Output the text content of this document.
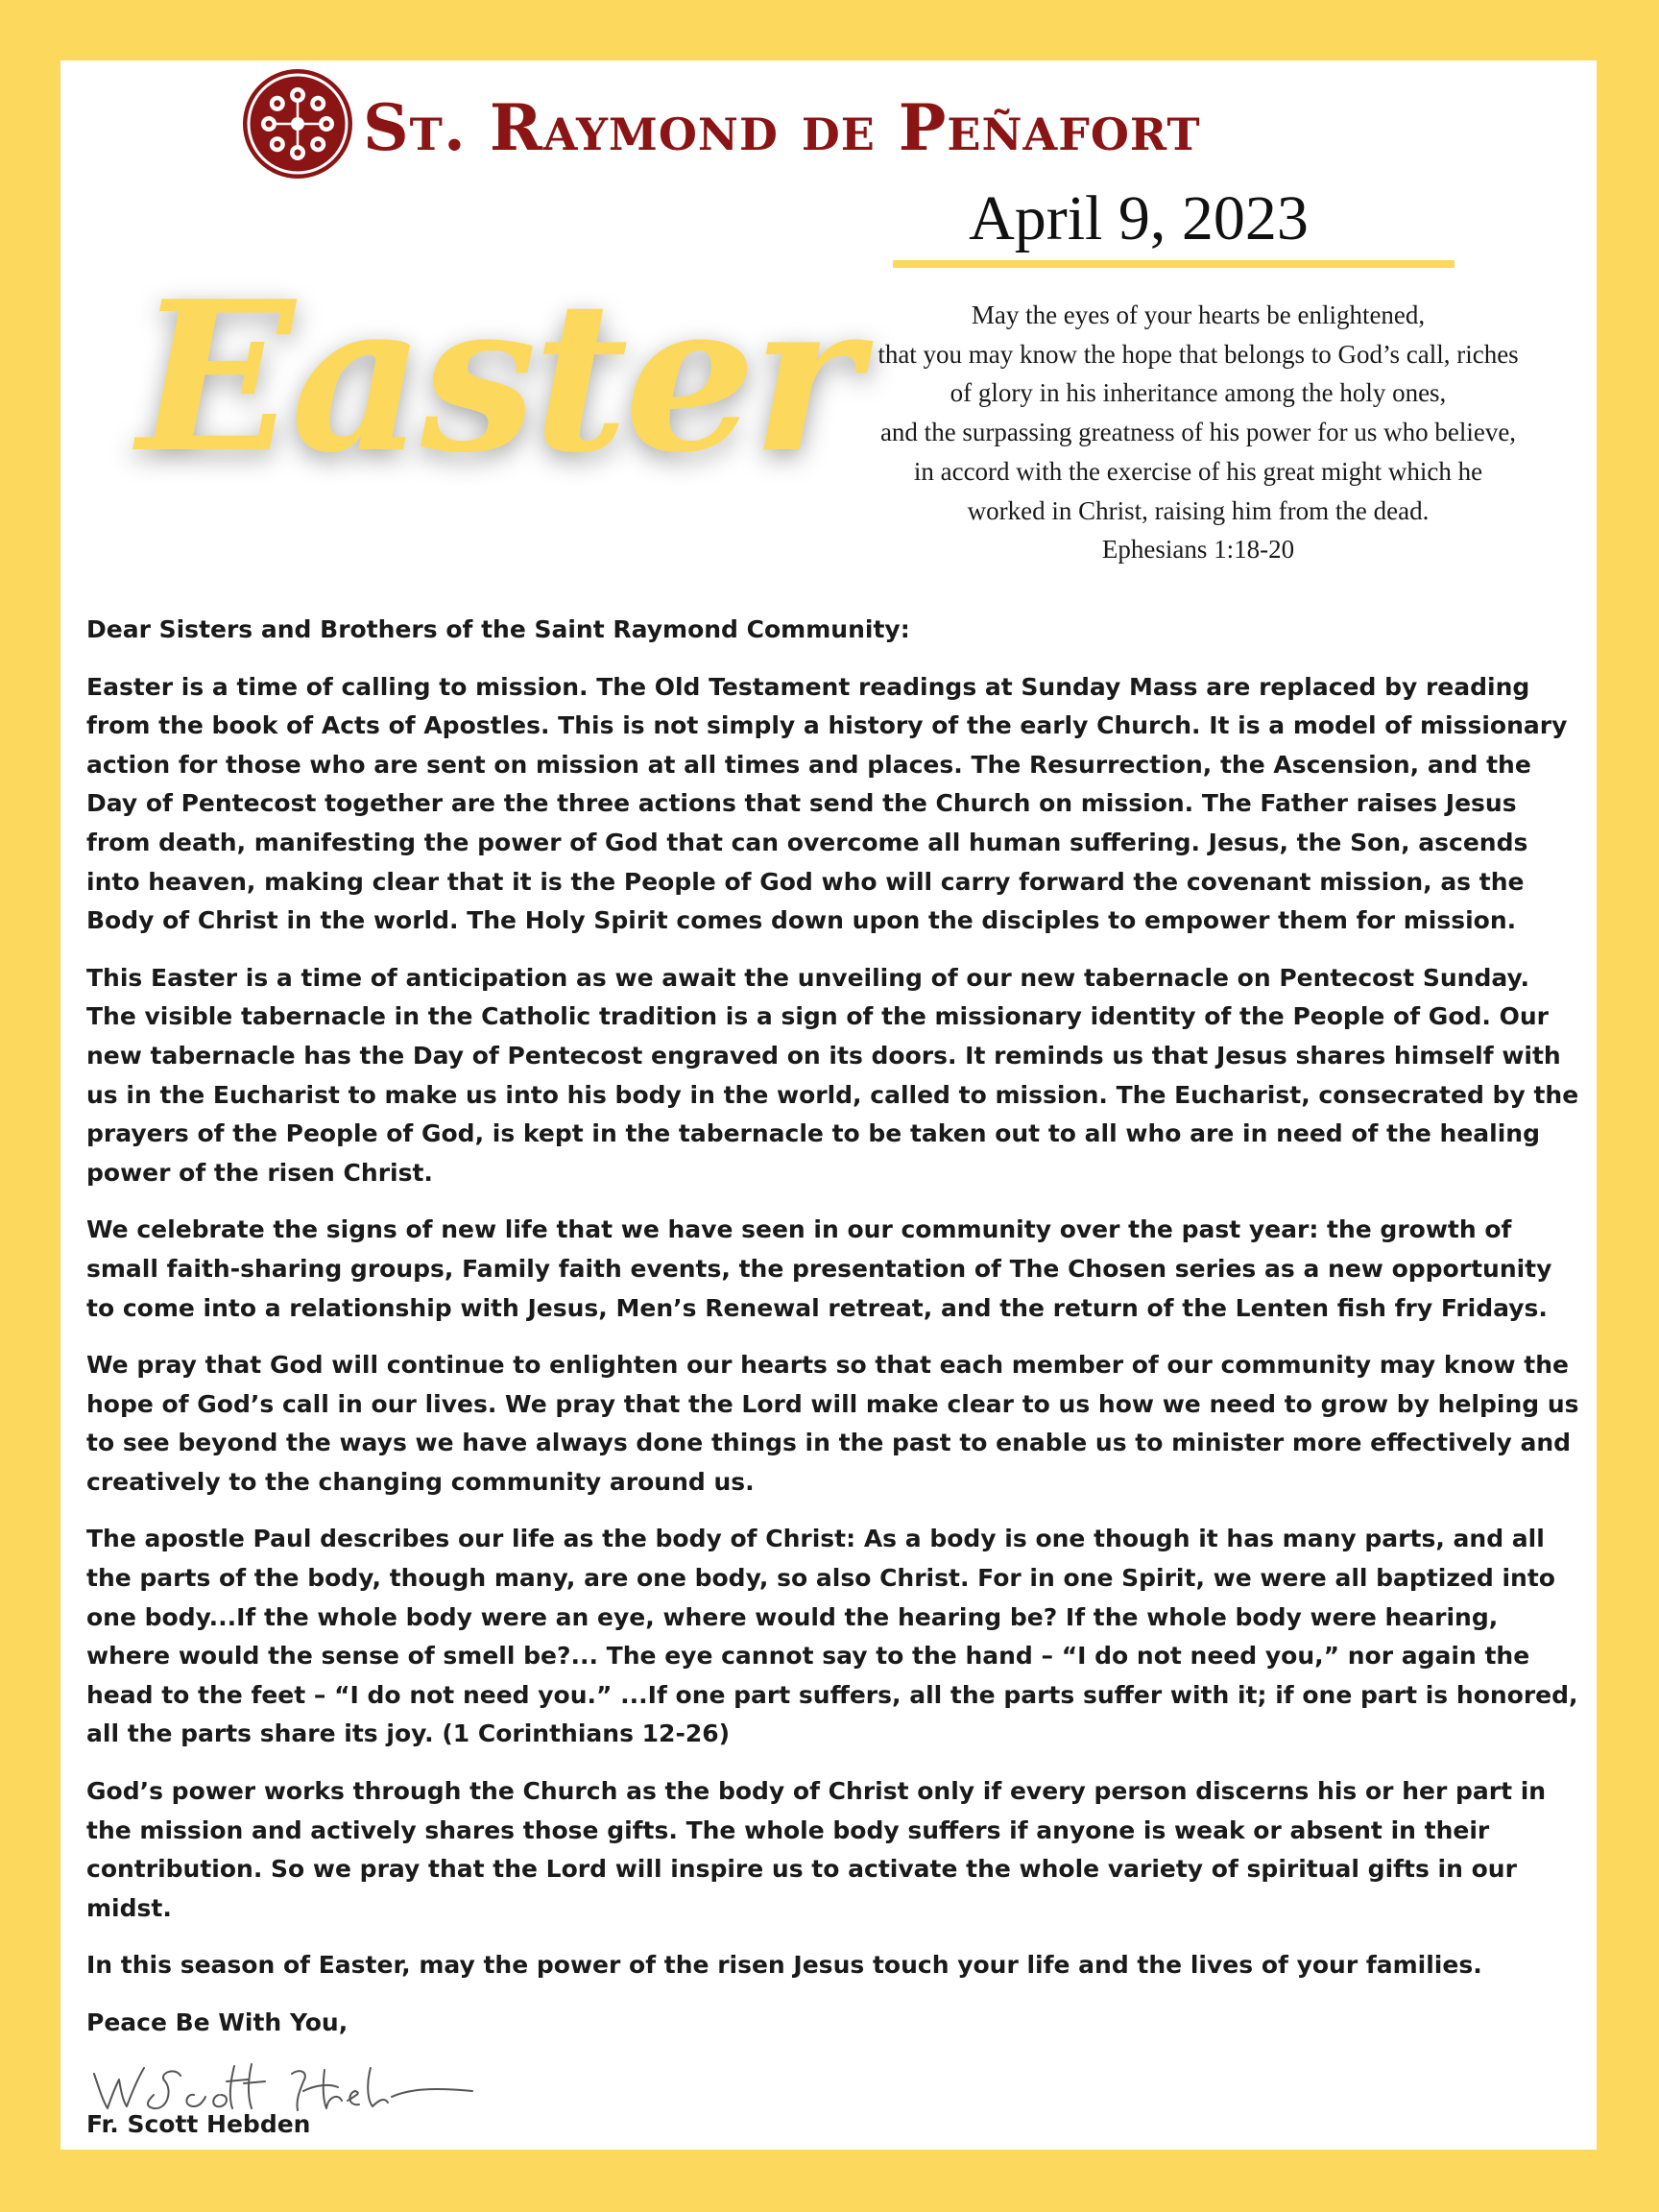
St. Raymond de Peñafort
April 9, 2023
Easter	May the eyes of your hearts be enlightened,
that you may know the hope that belongs to God’s call, riches
of glory in his inheritance among the holy ones,
and the surpassing greatness of his power for us who believe,
in accord with the exercise of his great might which he
worked in Christ, raising him from the dead.
Ephesians 1:18-20

Dear Sisters and Brothers of the Saint Raymond Community:

Easter is a time of calling to mission. The Old Testament readings at Sunday Mass are replaced by reading from the book of Acts of Apostles. This is not simply a history of the early Church. It is a model of missionary action for those who are sent on mission at all times and places. The Resurrection, the Ascension, and the Day of Pentecost together are the three actions that send the Church on mission. The Father raises Jesus from death, manifesting the power of God that can overcome all human suffering. Jesus, the Son, ascends into heaven, making clear that it is the People of God who will carry forward the covenant mission, as the Body of Christ in the world. The Holy Spirit comes down upon the disciples to empower them for mission.

This Easter is a time of anticipation as we await the unveiling of our new tabernacle on Pentecost Sunday. The visible tabernacle in the Catholic tradition is a sign of the missionary identity of the People of God. Our new tabernacle has the Day of Pentecost engraved on its doors. It reminds us that Jesus shares himself with us in the Eucharist to make us into his body in the world, called to mission. The Eucharist, consecrated by the prayers of the People of God, is kept in the tabernacle to be taken out to all who are in need of the healing power of the risen Christ.

We celebrate the signs of new life that we have seen in our community over the past year: the growth of small faith-sharing groups, Family faith events, the presentation of The Chosen series as a new opportunity to come into a relationship with Jesus, Men’s Renewal retreat, and the return of the Lenten fish fry Fridays.

We pray that God will continue to enlighten our hearts so that each member of our community may know the hope of God’s call in our lives. We pray that the Lord will make clear to us how we need to grow by helping us to see beyond the ways we have always done things in the past to enable us to minister more effectively and creatively to the changing community around us.

The apostle Paul describes our life as the body of Christ: As a body is one though it has many parts, and all the parts of the body, though many, are one body, so also Christ. For in one Spirit, we were all baptized into one body...If the whole body were an eye, where would the hearing be? If the whole body were hearing, where would the sense of smell be?... The eye cannot say to the hand – “I do not need you,” nor again the head to the feet – “I do not need you.” ...If one part suffers, all the parts suffer with it; if one part is honored, all the parts share its joy. (1 Corinthians 12-26)

God’s power works through the Church as the body of Christ only if every person discerns his or her part in the mission and actively shares those gifts. The whole body suffers if anyone is weak or absent in their contribution. So we pray that the Lord will inspire us to activate the whole variety of spiritual gifts in our midst.

In this season of Easter, may the power of the risen Jesus touch your life and the lives of your families.

Peace Be With You,

Fr. Scott Hebden
